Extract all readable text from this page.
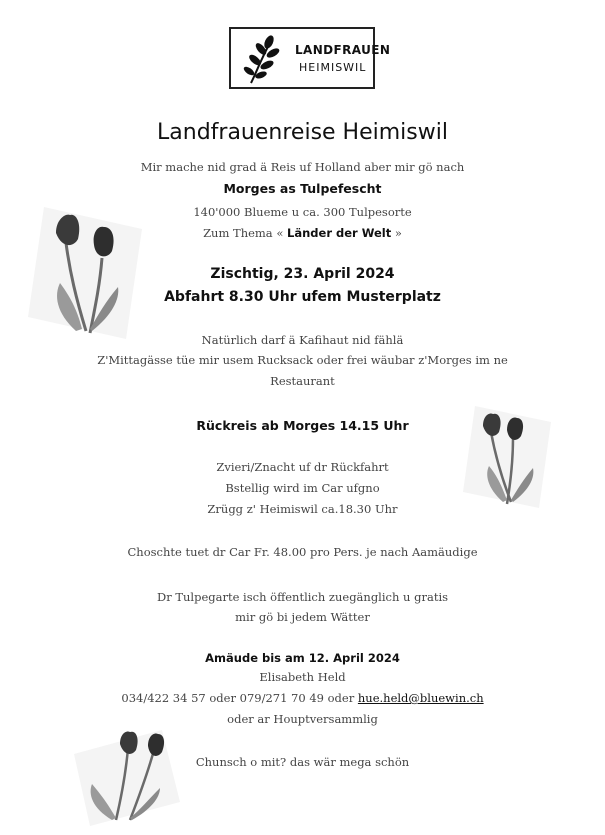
LANDFRAUEN
HEIMISWIL
Landfrauenreise Heimiswil
Mir mache nid grad ä Reis uf Holland aber mir gö nach
Morges as Tulpefescht
140'000 Blueme u ca. 300 Tulpesorte
Zum Thema « Länder der Welt »
Zischtig, 23. April 2024
Abfahrt 8.30 Uhr ufem Musterplatz
Natürlich darf ä Kafihaut nid fählä
Z'Mittagässe tüe mir usem Rucksack oder frei wäubar z'Morges im ne
Restaurant
Rückreis ab Morges 14.15 Uhr
Zvieri/Znacht uf dr Rückfahrt
Bstellig wird im Car ufgno
Zrügg z' Heimiswil ca.18.30 Uhr
Choschte tuet dr Car Fr. 48.00 pro Pers. je nach Aamäudige
Dr Tulpegarte isch öffentlich zuegänglich u gratis
mir gö bi jedem Wätter
Amäude bis am 12. April 2024
Elisabeth Held
034/422 34 57 oder 079/271 70 49 oder hue.held@bluewin.ch
oder ar Houptversammlig
Chunsch o mit? das wär mega schön
